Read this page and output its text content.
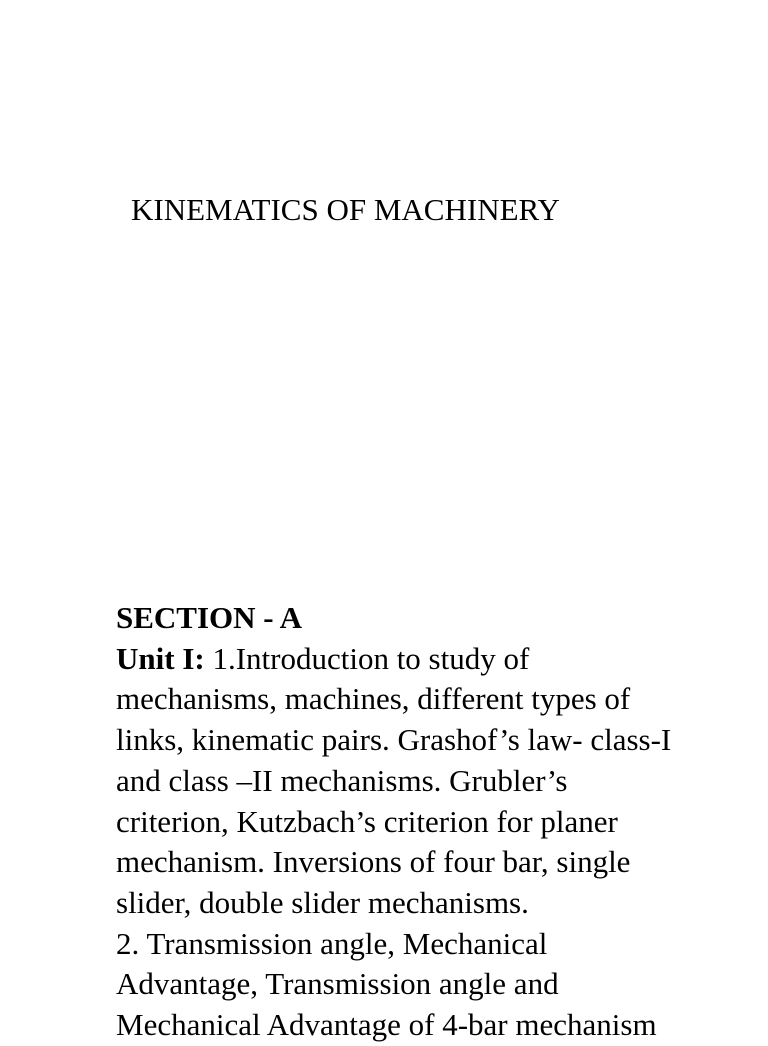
KINEMATICS OF MACHINERY
SECTION - A
Unit I: 1.Introduction to study of
mechanisms, machines, different types of
links, kinematic pairs. Grashof’s law- class-I
and class –II mechanisms. Grubler’s
criterion, Kutzbach’s criterion for planer
mechanism. Inversions of four bar, single
slider, double slider mechanisms.
2. Transmission angle, Mechanical
Advantage, Transmission angle and
Mechanical Advantage of 4-bar mechanism
